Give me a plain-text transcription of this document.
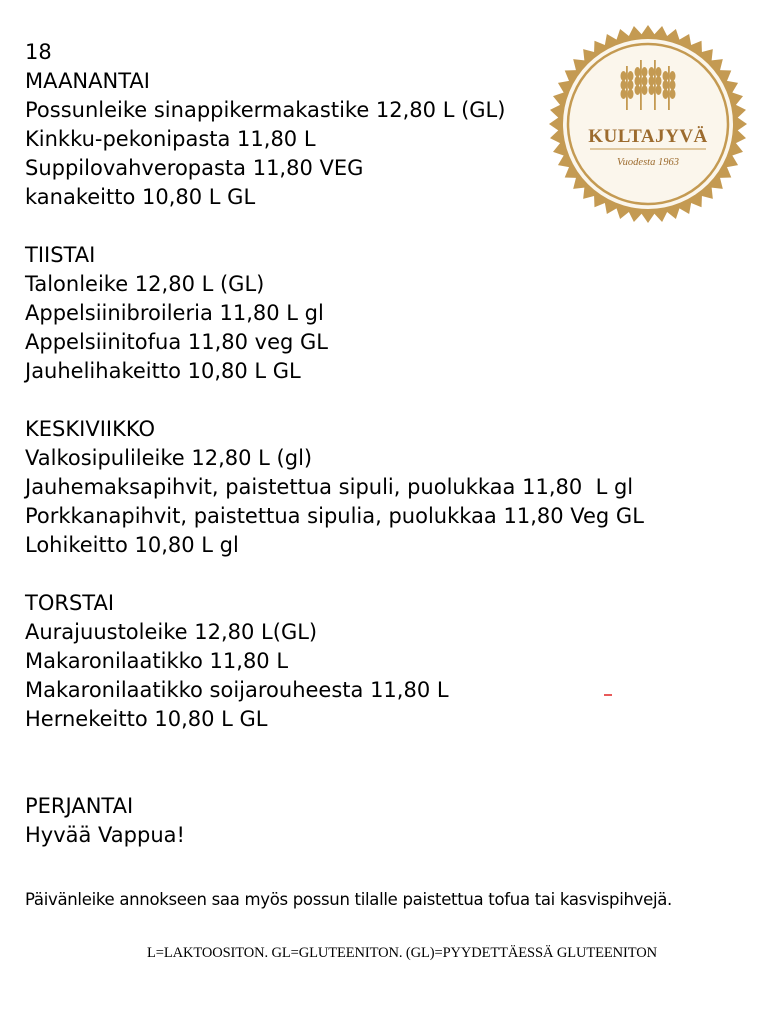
18
MAANANTAI
Possunleike sinappikermakastike 12,80 L (GL)
Kinkku-pekonipasta 11,80 L
Suppilovahveropasta 11,80 VEG
kanakeitto 10,80 L GL
TIISTAI
Talonleike 12,80 L (GL)
Appelsiinibroileria 11,80 L gl
Appelsiinitofua 11,80 veg GL
Jauhelihakeitto 10,80 L GL
KESKIVIIKKO
Valkosipulileike 12,80 L (gl)
Jauhemaksapihvit, paistettua sipuli, puolukkaa 11,80  L gl
Porkkanapihvit, paistettua sipulia, puolukkaa 11,80 Veg GL
Lohikeitto 10,80 L gl
TORSTAI
Aurajuustoleike 12,80 L(GL)
Makaronilaatikko 11,80 L
Makaronilaatikko soijarouheesta 11,80 L
Hernekeitto 10,80 L GL
PERJANTAI
Hyvää Vappua!
Päivänleike annokseen saa myös possun tilalle paistettua tofua tai kasvispihvejä.
L=LAKTOOSITON. GL=GLUTEENITON. (GL)=PYYDETTÄESSÄ GLUTEENITON
KULTAJYVÄ
Vuodesta 1963
